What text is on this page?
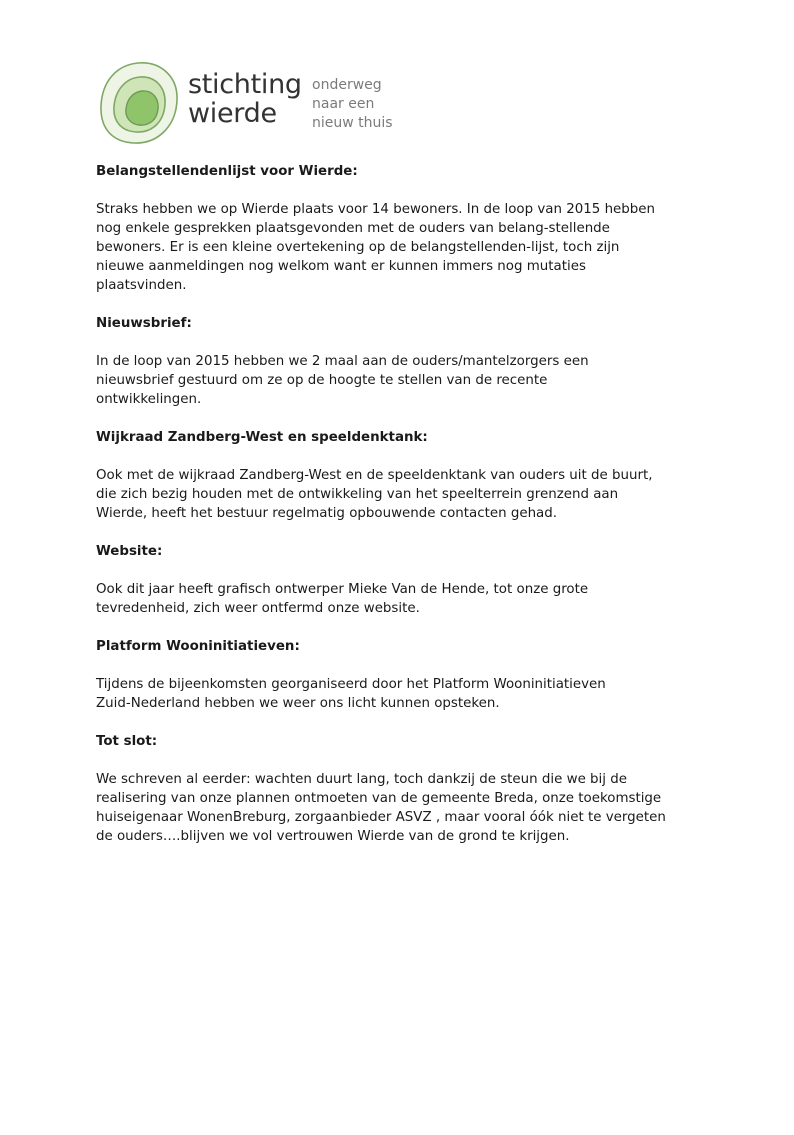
stichting
wierde
onderweg
naar een
nieuw thuis
Belangstellendenlijst voor Wierde:
Straks hebben we op Wierde plaats voor 14 bewoners. In de loop van 2015 hebben
nog enkele gesprekken plaatsgevonden met de ouders van belang-stellende
bewoners. Er is een kleine overtekening op de belangstellenden-lijst, toch zijn
nieuwe aanmeldingen nog welkom want er kunnen immers nog mutaties
plaatsvinden.
Nieuwsbrief:
In de loop van 2015 hebben we 2 maal aan de ouders/mantelzorgers een
nieuwsbrief gestuurd om ze op de hoogte te stellen van de recente
ontwikkelingen.
Wijkraad Zandberg-West en speeldenktank:
Ook met de wijkraad Zandberg-West en de speeldenktank van ouders uit de buurt,
die zich bezig houden met de ontwikkeling van het speelterrein grenzend aan
Wierde, heeft het bestuur regelmatig opbouwende contacten gehad.
Website:
Ook dit jaar heeft grafisch ontwerper Mieke Van de Hende, tot onze grote
tevredenheid, zich weer ontfermd onze website.
Platform Wooninitiatieven:
Tijdens de bijeenkomsten georganiseerd door het Platform Wooninitiatieven
Zuid-Nederland hebben we weer ons licht kunnen opsteken.
Tot slot:
We schreven al eerder: wachten duurt lang, toch dankzij de steun die we bij de
realisering van onze plannen ontmoeten van de gemeente Breda, onze toekomstige
huiseigenaar WonenBreburg, zorgaanbieder ASVZ , maar vooral óók niet te vergeten
de ouders….blijven we vol vertrouwen Wierde van de grond te krijgen.
